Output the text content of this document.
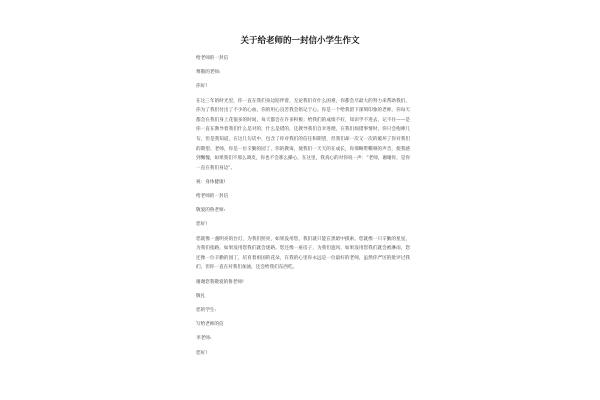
关于给老师的一封信小学生作文
给老师的一封信
尊敬的老师:
你好!

在这三年的时光里，你一直在我们身边陪伴着，无论我们有什么困难，你都会尽最大的努力来帮助我们，你为了我们付出了不少的心血，你的用心良苦我会铭记于心。你是一个给我留下深刻印象的老师，你每天都会在我们身上花很多的时间，每天都会在许多积极；给我们的成绩不好，知识学不进去，记不住——是你一直在教导着我们什么是对的，什么是错的，还教导我们自幸进理，在我们烦错事情时，你只会咆哮几句，但是我知道，在这几句话中，包含了你对我们的信任和期望，但我们却一次又一次的破坏了你对我们的期望。老师，你是一位辛勤的园丁，你的教诲，使我们一天天的在成长，你那略带嘶哑的声音，使我感到懈愧，如果我们不那么调皮，你也不会那么操心，在这里，我真心的对你说一声：“老师，谢谢你，是你一直在我们身边”。

祝：身体健康!
给老师的一封信
敬爱的鲁老师:
您好!

您就像一盏明亮的台灯，为我们照亮，如果没用您，我们就只能在黑暗中摸索。您就像一只辛勤的星星，为我们指路，如果没用您我们就会迷路。您还像一座房子，为我们遮风，如果没用您我们就会被淋雨，您还像一位辛勤的园丁，培育着祖国的花朵，在我的心里你永远是一位最好的老师，虽然你严厉的批评过我们，但你一直在对我们加油，还会给我们东西吃。

谢谢您我敬爱的鲁老师!
敬礼
您的学生:
写给老师的信
李老师:
您好!
